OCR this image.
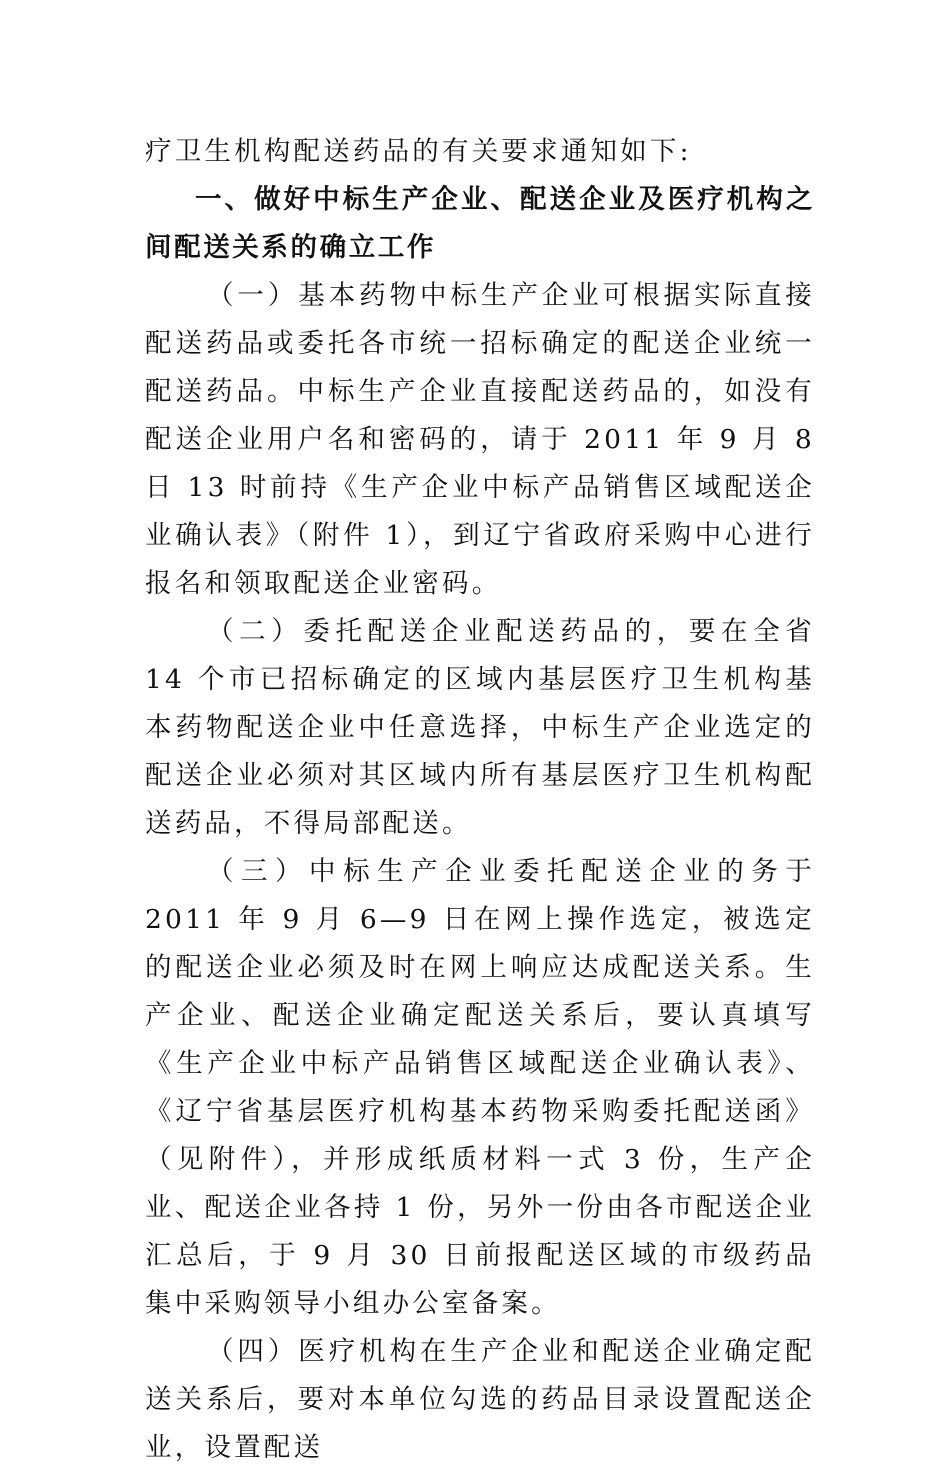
疗卫生机构配送药品的有关要求通知如下:

一、做好中标生产企业、配送企业及医疗机构之间配送关系的确立工作

（一）基本药物中标生产企业可根据实际直接配送药品或委托各市统一招标确定的配送企业统一配送药品。中标生产企业直接配送药品的，如没有配送企业用户名和密码的，请于 2011 年 9 月 8 日 13 时前持《生产企业中标产品销售区域配送企业确认表》（附件 1），到辽宁省政府采购中心进行报名和领取配送企业密码。

（二）委托配送企业配送药品的，要在全省 14 个市已招标确定的区域内基层医疗卫生机构基本药物配送企业中任意选择，中标生产企业选定的配送企业必须对其区域内所有基层医疗卫生机构配送药品，不得局部配送。

（三）中标生产企业委托配送企业的务于 2011 年 9 月 6—9 日在网上操作选定，被选定的配送企业必须及时在网上响应达成配送关系。生产企业、配送企业确定配送关系后，要认真填写《生产企业中标产品销售区域配送企业确认表》、《辽宁省基层医疗机构基本药物采购委托配送函》（见附件），并形成纸质材料一式 3 份，生产企业、配送企业各持 1 份，另外一份由各市配送企业汇总后，于 9 月 30 日前报配送区域的市级药品集中采购领导小组办公室备案。

（四）医疗机构在生产企业和配送企业确定配送关系后，要对本单位勾选的药品目录设置配送企业，设置配送
